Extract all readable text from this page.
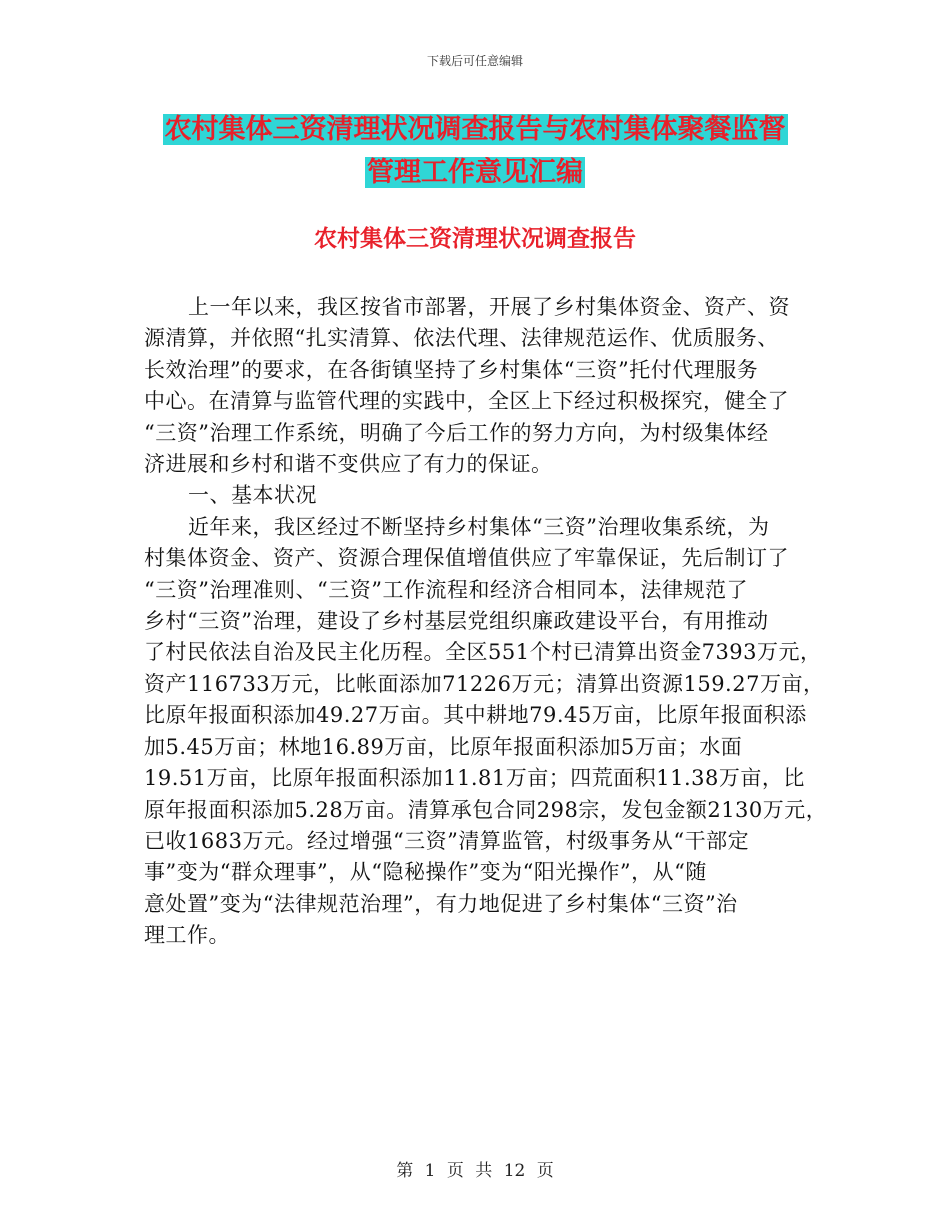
下载后可任意编辑
农村集体三资清理状况调查报告与农村集体聚餐监督
管理工作意见汇编
农村集体三资清理状况调查报告
上一年以来，我区按省市部署，开展了乡村集体资金、资产、资
源清算，并依照“扎实清算、依法代理、法律规范运作、优质服务、
长效治理”的要求，在各街镇坚持了乡村集体“三资”托付代理服务
中心。在清算与监管代理的实践中，全区上下经过积极探究，健全了
“三资”治理工作系统，明确了今后工作的努力方向，为村级集体经
济进展和乡村和谐不变供应了有力的保证。
一、基本状况
近年来，我区经过不断坚持乡村集体“三资”治理收集系统，为
村集体资金、资产、资源合理保值增值供应了牢靠保证，先后制订了
“三资”治理准则、“三资”工作流程和经济合相同本，法律规范了
乡村“三资”治理，建设了乡村基层党组织廉政建设平台，有用推动
了村民依法自治及民主化历程。全区551个村已清算出资金7393万元，
资产116733万元，比帐面添加71226万元；清算出资源159.27万亩，
比原年报面积添加49.27万亩。其中耕地79.45万亩，比原年报面积添
加5.45万亩；林地16.89万亩，比原年报面积添加5万亩；水面
19.51万亩，比原年报面积添加11.81万亩；四荒面积11.38万亩，比
原年报面积添加5.28万亩。清算承包合同298宗，发包金额2130万元，
已收1683万元。经过增强“三资”清算监管，村级事务从“干部定
事”变为“群众理事”，从“隐秘操作”变为“阳光操作”，从“随
意处置”变为“法律规范治理”，有力地促进了乡村集体“三资”治
理工作。
第 1 页 共 12 页
